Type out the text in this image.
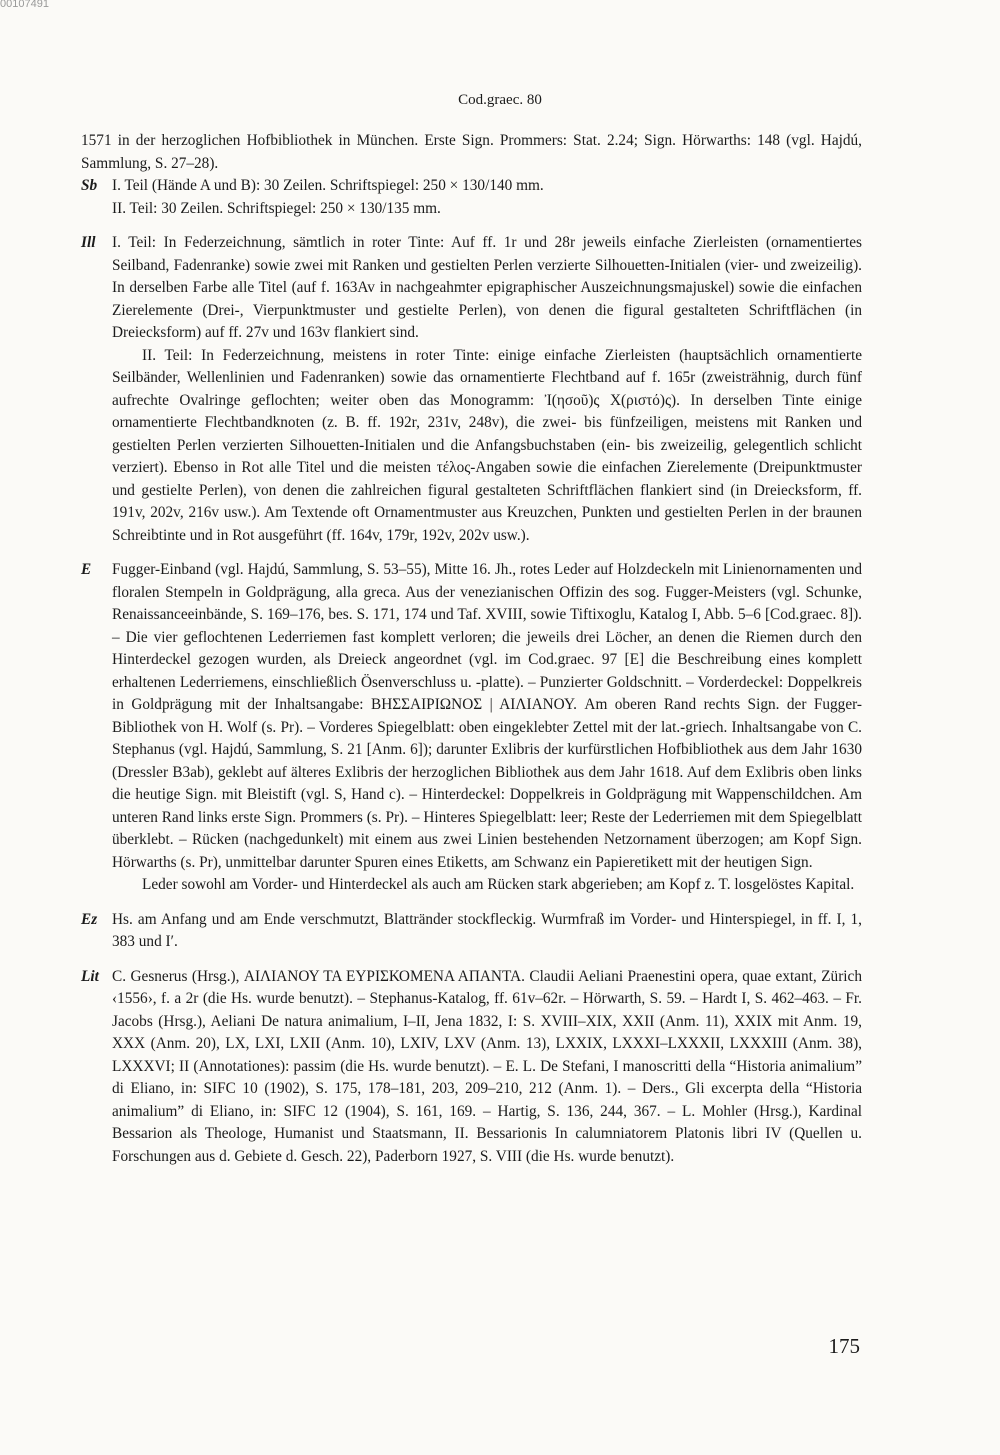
00107491
Cod.graec. 80

1571 in der herzoglichen Hofbibliothek in München. Erste Sign. Prommers: Stat. 2.24; Sign. Hörwarths: 148 (vgl. Hajdú, Sammlung, S. 27–28).

Sb I. Teil (Hände A und B): 30 Zeilen. Schriftspiegel: 250 × 130/140 mm.

II. Teil: 30 Zeilen. Schriftspiegel: 250 × 130/135 mm.

Ill	I. Teil: In Federzeichnung, sämtlich in roter Tinte: Auf ff. 1r und 28r jeweils einfache Zierleisten (ornamentiertes Seilband, Fadenranke) sowie zwei mit Ranken und gestielten Perlen verzierte Silhouetten-Initialen (vier- und zweizeilig). In derselben Farbe alle Titel (auf f. 163Av in nachgeahmter epigraphischer Auszeichnungsmajuskel) sowie die einfachen Zierelemente (Drei-, Vierpunktmuster und gestielte Perlen), von denen die figural gestalteten Schriftflächen (in Dreiecksform) auf ff. 27v und 163v flankiert sind.

II. Teil: In Federzeichnung, meistens in roter Tinte: einige einfache Zierleisten (hauptsächlich ornamentierte Seilbänder, Wellenlinien und Fadenranken) sowie das ornamentierte Flechtband auf f. 165r (zweisträhnig, durch fünf aufrechte Ovalringe geflochten; weiter oben das Monogramm: Ἰ(ησοῦ)ς Χ(ριστό)ς). In derselben Tinte einige ornamentierte Flechtbandknoten (z. B. ff. 192r, 231v, 248v), die zwei- bis fünfzeiligen, meistens mit Ranken und gestielten Perlen verzierten Silhouetten-Initialen und die Anfangsbuchstaben (ein- bis zweizeilig, gelegentlich schlicht verziert). Ebenso in Rot alle Titel und die meisten τέλος-Angaben sowie die einfachen Zierelemente (Dreipunktmuster und gestielte Perlen), von denen die zahlreichen figural gestalteten Schriftflächen flankiert sind (in Dreiecksform, ff. 191v, 202v, 216v usw.). Am Textende oft Ornamentmuster aus Kreuzchen, Punkten und gestielten Perlen in der braunen Schreibtinte und in Rot ausgeführt (ff. 164v, 179r, 192v, 202v usw.).

E	Fugger-Einband (vgl. Hajdú, Sammlung, S. 53–55), Mitte 16. Jh., rotes Leder auf Holzdeckeln mit Linienornamenten und floralen Stempeln in Goldprägung, alla greca. Aus der venezianischen Offizin des sog. Fugger-Meisters (vgl. Schunke, Renaissanceeinbände, S. 169–176, bes. S. 171, 174 und Taf. XVIII, sowie Tiftixoglu, Katalog I, Abb. 5–6 [Cod.graec. 8]). – Die vier geflochtenen Lederriemen fast komplett verloren; die jeweils drei Löcher, an denen die Riemen durch den Hinterdeckel gezogen wurden, als Dreieck angeordnet (vgl. im Cod.graec. 97 [E] die Beschreibung eines komplett erhaltenen Lederriemens, einschließlich Ösenverschluss u. -platte). – Punzierter Goldschnitt. – Vorderdeckel: Doppelkreis in Goldprägung mit der Inhaltsangabe: ΒΗΣΣΑΙΡΙΩΝΟΣ | ΑΙΛΙΑΝΟΥ. Am oberen Rand rechts Sign. der Fugger-Bibliothek von H. Wolf (s. Pr). – Vorderes Spiegelblatt: oben eingeklebter Zettel mit der lat.-griech. Inhaltsangabe von C. Stephanus (vgl. Hajdú, Sammlung, S. 21 [Anm. 6]); darunter Exlibris der kurfürstlichen Hofbibliothek aus dem Jahr 1630 (Dressler B3ab), geklebt auf älteres Exlibris der herzoglichen Bibliothek aus dem Jahr 1618. Auf dem Exlibris oben links die heutige Sign. mit Bleistift (vgl. S, Hand c). – Hinterdeckel: Doppelkreis in Goldprägung mit Wappenschildchen. Am unteren Rand links erste Sign. Prommers (s. Pr). – Hinteres Spiegelblatt: leer; Reste der Lederriemen mit dem Spiegelblatt überklebt. – Rücken (nachgedunkelt) mit einem aus zwei Linien bestehenden Netzornament überzogen; am Kopf Sign. Hörwarths (s. Pr), unmittelbar darunter Spuren eines Etiketts, am Schwanz ein Papieretikett mit der heutigen Sign.

Leder sowohl am Vorder- und Hinterdeckel als auch am Rücken stark abgerieben; am Kopf z. T. losgelöstes Kapital.

Ez Hs. am Anfang und am Ende verschmutzt, Blattränder stockfleckig. Wurmfraß im Vorder- und Hinterspiegel, in ff. I, 1, 383 und I′.

Lit C. Gesnerus (Hrsg.), ΑΙΛΙΑΝΟΥ ΤΑ ΕΥΡΙΣΚΟΜΕΝΑ ΑΠΑΝΤΑ. Claudii Aeliani Praenestini opera, quae extant, Zürich ‹1556›, f. a 2r (die Hs. wurde benutzt). – Stephanus-Katalog, ff. 61v–62r. – Hörwarth, S. 59. – Hardt I, S. 462–463. – Fr. Jacobs (Hrsg.), Aeliani De natura animalium, I–II, Jena 1832, I: S. XVIII–XIX, XXII (Anm. 11), XXIX mit Anm. 19, XXX (Anm. 20), LX, LXI, LXII (Anm. 10), LXIV, LXV (Anm. 13), LXXIX, LXXXI–LXXXII, LXXXIII (Anm. 38), LXXXVI; II (Annotationes): passim (die Hs. wurde benutzt). – E. L. De Stefani, I manoscritti della “Historia animalium” di Eliano, in: SIFC 10 (1902), S. 175, 178–181, 203, 209–210, 212 (Anm. 1). – Ders., Gli excerpta della “Historia animalium” di Eliano, in: SIFC 12 (1904), S. 161, 169. – Hartig, S. 136, 244, 367. – L. Mohler (Hrsg.), Kardinal Bessarion als Theologe, Humanist und Staatsmann, II. Bessarionis In calumniatorem Platonis libri IV (Quellen u. Forschungen aus d. Gebiete d. Gesch. 22), Paderborn 1927, S. VIII (die Hs. wurde benutzt).

175
